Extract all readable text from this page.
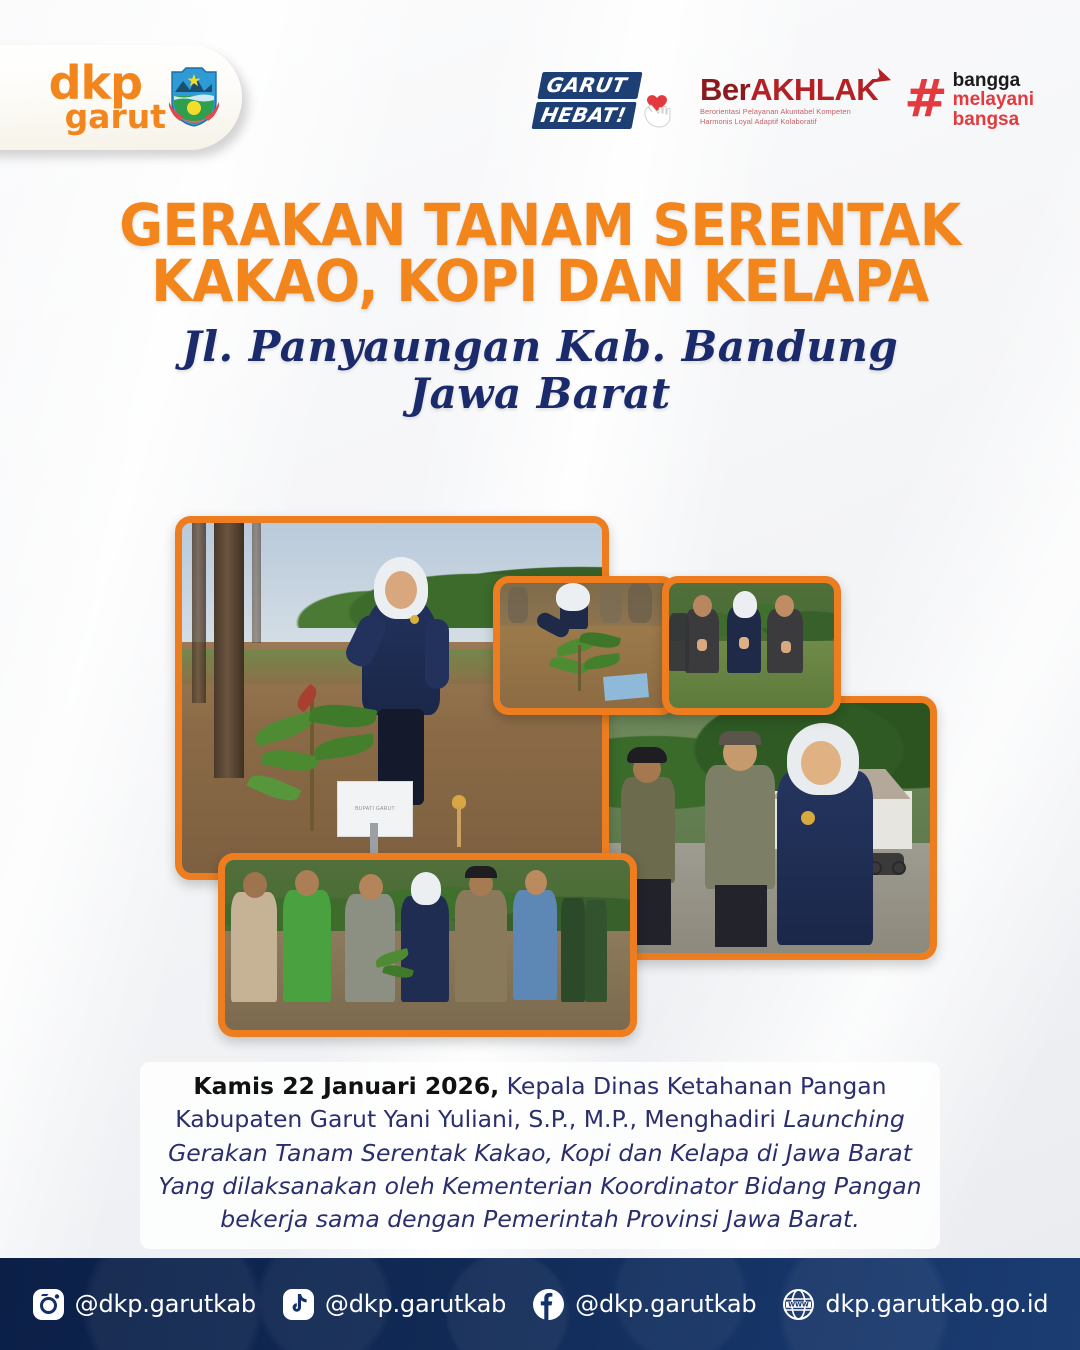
dkp
garut
GARUT
HEBAT!
BerAKHLAK
➤
Berorientasi Pelayanan Akuntabel Kompeten
Harmonis Loyal Adaptif Kolaboratif	# bangga
melayani
bangsa
GERAKAN TANAM SERENTAK
KAKAO, KOPI DAN KELAPA
Jl. Panyaungan Kab. Bandung
Jawa Barat
BUPATI GARUT
Kamis 22 Januari 2026, Kepala Dinas Ketahanan Pangan Kabupaten Garut Yani Yuliani, S.P., M.P., Menghadiri Launching Gerakan Tanam Serentak Kakao, Kopi dan Kelapa di Jawa Barat Yang dilaksanakan oleh Kementerian Koordinator Bidang Pangan bekerja sama dengan Pemerintah Provinsi Jawa Barat.
@dkp.garutkab	@dkp.garutkab	@dkp.garutkab	WWW dkp.garutkab.go.id
